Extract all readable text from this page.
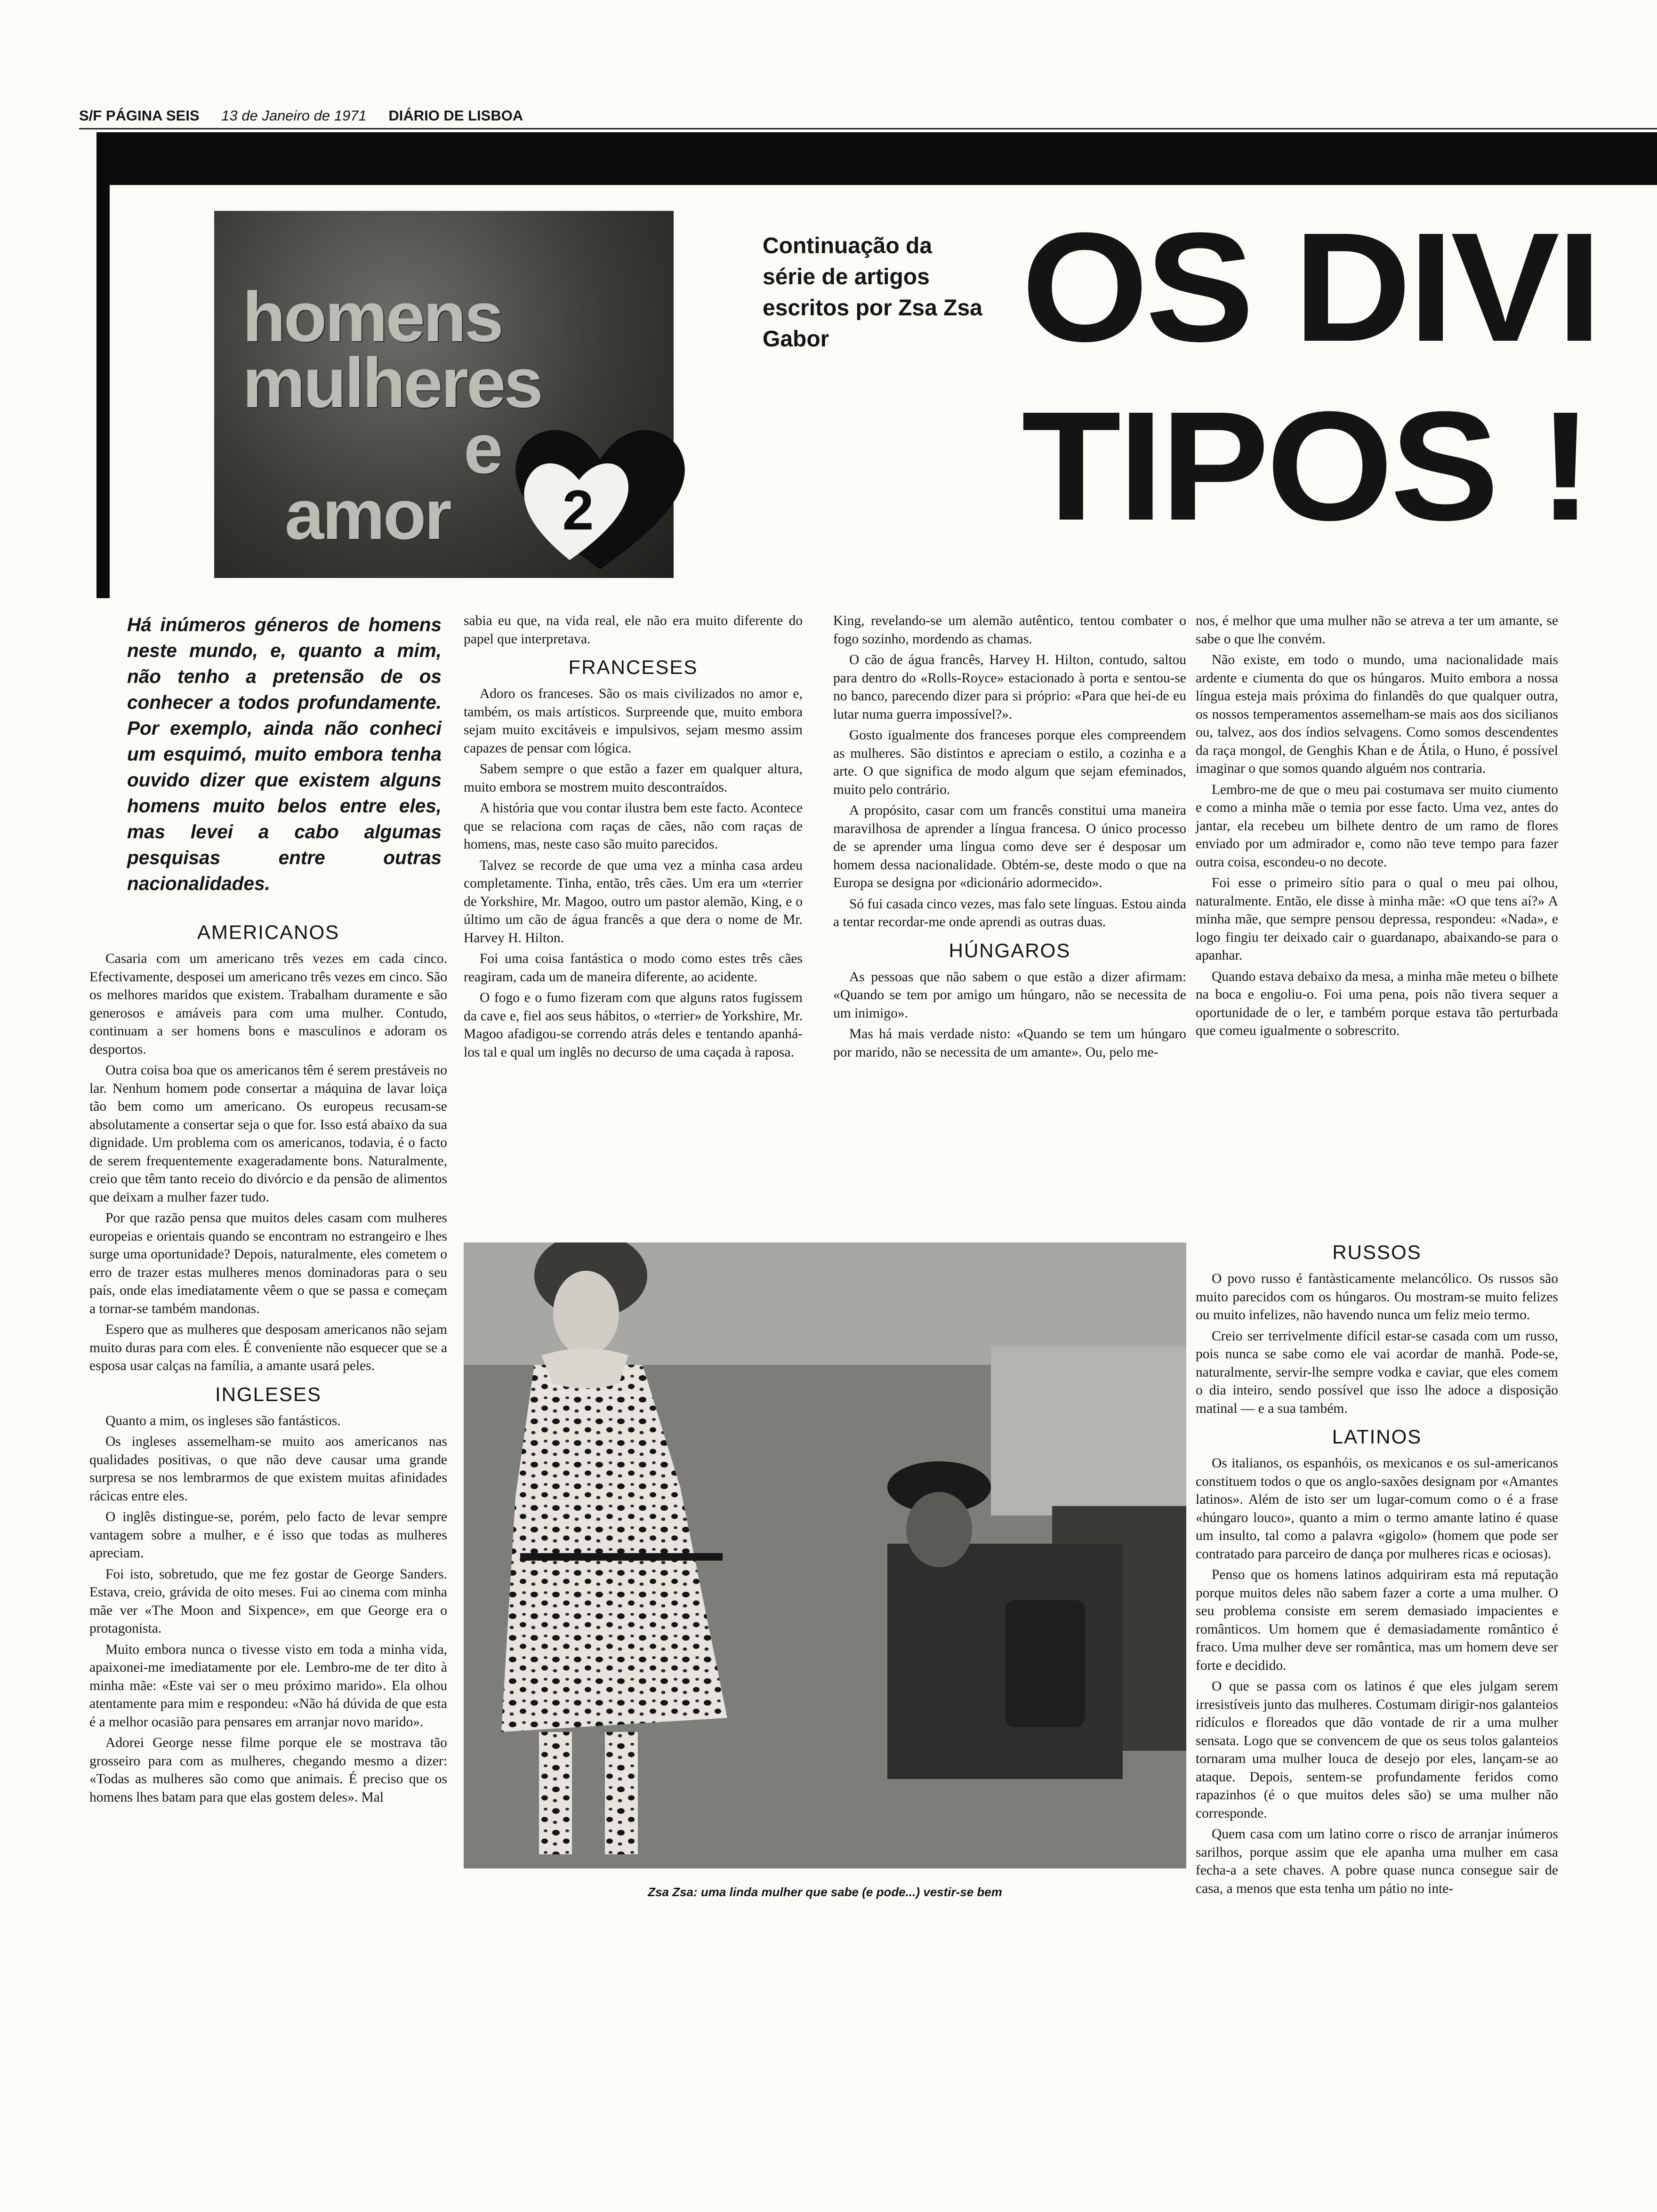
S/F PÁGINA SEIS 13 de Janeiro de 1971 DIÁRIO DE LISBOA
homens
mulheres
e
amor 2
Continuação da série de artigos escritos por Zsa Zsa Gabor	OS DIVI
TIPOS !
Há inúmeros géneros de homens neste mundo, e, quanto a mim, não tenho a pretensão de os conhecer a todos profundamente. Por exemplo, ainda não conheci um esquimó, muito embora tenha ouvido dizer que existem alguns homens muito belos entre eles, mas levei a cabo algumas pesquisas entre outras nacionalidades.
AMERICANOS

Casaria com um americano três vezes em cada cinco. Efectivamente, desposei um americano três vezes em cinco. São os melhores maridos que existem. Trabalham duramente e são generosos e amáveis para com uma mulher. Contudo, continuam a ser homens bons e masculinos e adoram os desportos.

Outra coisa boa que os americanos têm é serem prestáveis no lar. Nenhum homem pode consertar a máquina de lavar loiça tão bem como um americano. Os europeus recusam-se absolutamente a consertar seja o que for. Isso está abaixo da sua dignidade. Um problema com os americanos, todavia, é o facto de serem frequentemente exageradamente bons. Naturalmente, creio que têm tanto receio do divórcio e da pensão de alimentos que deixam a mulher fazer tudo.

Por que razão pensa que muitos deles casam com mulheres europeias e orientais quando se encontram no estrangeiro e lhes surge uma oportunidade? Depois, naturalmente, eles cometem o erro de trazer estas mulheres menos dominadoras para o seu país, onde elas imediatamente vêem o que se passa e começam a tornar-se também mandonas.

Espero que as mulheres que desposam americanos não sejam muito duras para com eles. É conveniente não esquecer que se a esposa usar calças na família, a amante usará peles.

INGLESES

Quanto a mim, os ingleses são fantásticos.

Os ingleses assemelham-se muito aos americanos nas qualidades positivas, o que não deve causar uma grande surpresa se nos lembrarmos de que existem muitas afinidades rácicas entre eles.

O inglês distingue-se, porém, pelo facto de levar sempre vantagem sobre a mulher, e é isso que todas as mulheres apreciam.

Foi isto, sobretudo, que me fez gostar de George Sanders. Estava, creio, grávida de oito meses. Fui ao cinema com minha mãe ver «The Moon and Sixpence», em que George era o protagonista.

Muito embora nunca o tivesse visto em toda a minha vida, apaixonei-me imediatamente por ele. Lembro-me de ter dito à minha mãe: «Este vai ser o meu próximo marido». Ela olhou atentamente para mim e respondeu: «Não há dúvida de que esta é a melhor ocasião para pensares em arranjar novo marido».

Adorei George nesse filme porque ele se mostrava tão grosseiro para com as mulheres, chegando mesmo a dizer: «Todas as mulheres são como que animais. É preciso que os homens lhes batam para que elas gostem deles». Mal

sabia eu que, na vida real, ele não era muito diferente do papel que interpretava.

FRANCESES

Adoro os franceses. São os mais civilizados no amor e, também, os mais artísticos. Surpreende que, muito embora sejam muito excitáveis e impulsivos, sejam mesmo assim capazes de pensar com lógica.

Sabem sempre o que estão a fazer em qualquer altura, muito embora se mostrem muito descontraídos.

A história que vou contar ilustra bem este facto. Acontece que se relaciona com raças de cães, não com raças de homens, mas, neste caso são muito parecidos.

Talvez se recorde de que uma vez a minha casa ardeu completamente. Tinha, então, três cães. Um era um «terrier de Yorkshire, Mr. Magoo, outro um pastor alemão, King, e o último um cão de água francês a que dera o nome de Mr. Harvey H. Hilton.

Foi uma coisa fantástica o modo como estes três cães reagiram, cada um de maneira diferente, ao acidente.

O fogo e o fumo fizeram com que alguns ratos fugissem da cave e, fiel aos seus hábitos, o «terrier» de Yorkshire, Mr. Magoo afadigou-se correndo atrás deles e tentando apanhá-los tal e qual um inglês no decurso de uma caçada à raposa.

King, revelando-se um alemão autêntico, tentou combater o fogo sozinho, mordendo as chamas.

O cão de água francês, Harvey H. Hilton, contudo, saltou para dentro do «Rolls-Royce» estacionado à porta e sentou-se no banco, parecendo dizer para si próprio: «Para que hei-de eu lutar numa guerra impossível?».

Gosto igualmente dos franceses porque eles compreendem as mulheres. São distintos e apreciam o estilo, a cozinha e a arte. O que significa de modo algum que sejam efeminados, muito pelo contrário.

A propósito, casar com um francês constitui uma maneira maravilhosa de aprender a língua francesa. O único processo de se aprender uma língua como deve ser é desposar um homem dessa nacionalidade. Obtém-se, deste modo o que na Europa se designa por «dicionário adormecido».

Só fui casada cinco vezes, mas falo sete línguas. Estou ainda a tentar recordar-me onde aprendi as outras duas.

HÚNGAROS

As pessoas que não sabem o que estão a dizer afirmam: «Quando se tem por amigo um húngaro, não se necessita de um inimigo».

Mas há mais verdade nisto: «Quando se tem um húngaro por marido, não se necessita de um amante». Ou, pelo me-

nos, é melhor que uma mulher não se atreva a ter um amante, se sabe o que lhe convém.

Não existe, em todo o mundo, uma nacionalidade mais ardente e ciumenta do que os húngaros. Muito embora a nossa língua esteja mais próxima do finlandês do que qualquer outra, os nossos temperamentos assemelham-se mais aos dos sicilianos ou, talvez, aos dos índios selvagens. Como somos descendentes da raça mongol, de Genghis Khan e de Átila, o Huno, é possível imaginar o que somos quando alguém nos contraria.

Lembro-me de que o meu pai costumava ser muito ciumento e como a minha mãe o temia por esse facto. Uma vez, antes do jantar, ela recebeu um bilhete dentro de um ramo de flores enviado por um admirador e, como não teve tempo para fazer outra coisa, escondeu-o no decote.

Foi esse o primeiro sítio para o qual o meu pai olhou, naturalmente. Então, ele disse à minha mãe: «O que tens aí?» A minha mãe, que sempre pensou depressa, respondeu: «Nada», e logo fingiu ter deixado cair o guardanapo, abaixando-se para o apanhar.

Quando estava debaixo da mesa, a minha mãe meteu o bilhete na boca e engoliu-o. Foi uma pena, pois não tivera sequer a oportunidade de o ler, e também porque estava tão perturbada que comeu igualmente o sobrescrito.

RUSSOS

O povo russo é fantàsticamente melancólico. Os russos são muito parecidos com os húngaros. Ou mostram-se muito felizes ou muito infelizes, não havendo nunca um feliz meio termo.

Creio ser terrivelmente difícil estar-se casada com um russo, pois nunca se sabe como ele vai acordar de manhã. Pode-se, naturalmente, servir-lhe sempre vodka e caviar, que eles comem o dia inteiro, sendo possível que isso lhe adoce a disposição matinal — e a sua também.

LATINOS

Os italianos, os espanhóis, os mexicanos e os sul-americanos constituem todos o que os anglo-saxões designam por «Amantes latinos». Além de isto ser um lugar-comum como o é a frase «húngaro louco», quanto a mim o termo amante latino é quase um insulto, tal como a palavra «gigolo» (homem que pode ser contratado para parceiro de dança por mulheres ricas e ociosas).

Penso que os homens latinos adquiriram esta má reputação porque muitos deles não sabem fazer a corte a uma mulher. O seu problema consiste em serem demasiado impacientes e românticos. Um homem que é demasiadamente romântico é fraco. Uma mulher deve ser romântica, mas um homem deve ser forte e decidido.

O que se passa com os latinos é que eles julgam serem irresistíveis junto das mulheres. Costumam dirigir-nos galanteios ridículos e floreados que dão vontade de rir a uma mulher sensata. Logo que se convencem de que os seus tolos galanteios tornaram uma mulher louca de desejo por eles, lançam-se ao ataque. Depois, sentem-se profundamente feridos como rapazinhos (é o que muitos deles são) se uma mulher não corresponde.

Quem casa com um latino corre o risco de arranjar inúmeros sarilhos, porque assim que ele apanha uma mulher em casa fecha-a a sete chaves. A pobre quase nunca consegue sair de casa, a menos que esta tenha um pátio no inte-

Zsa Zsa: uma linda mulher que sabe (e pode...) vestir-se bem
